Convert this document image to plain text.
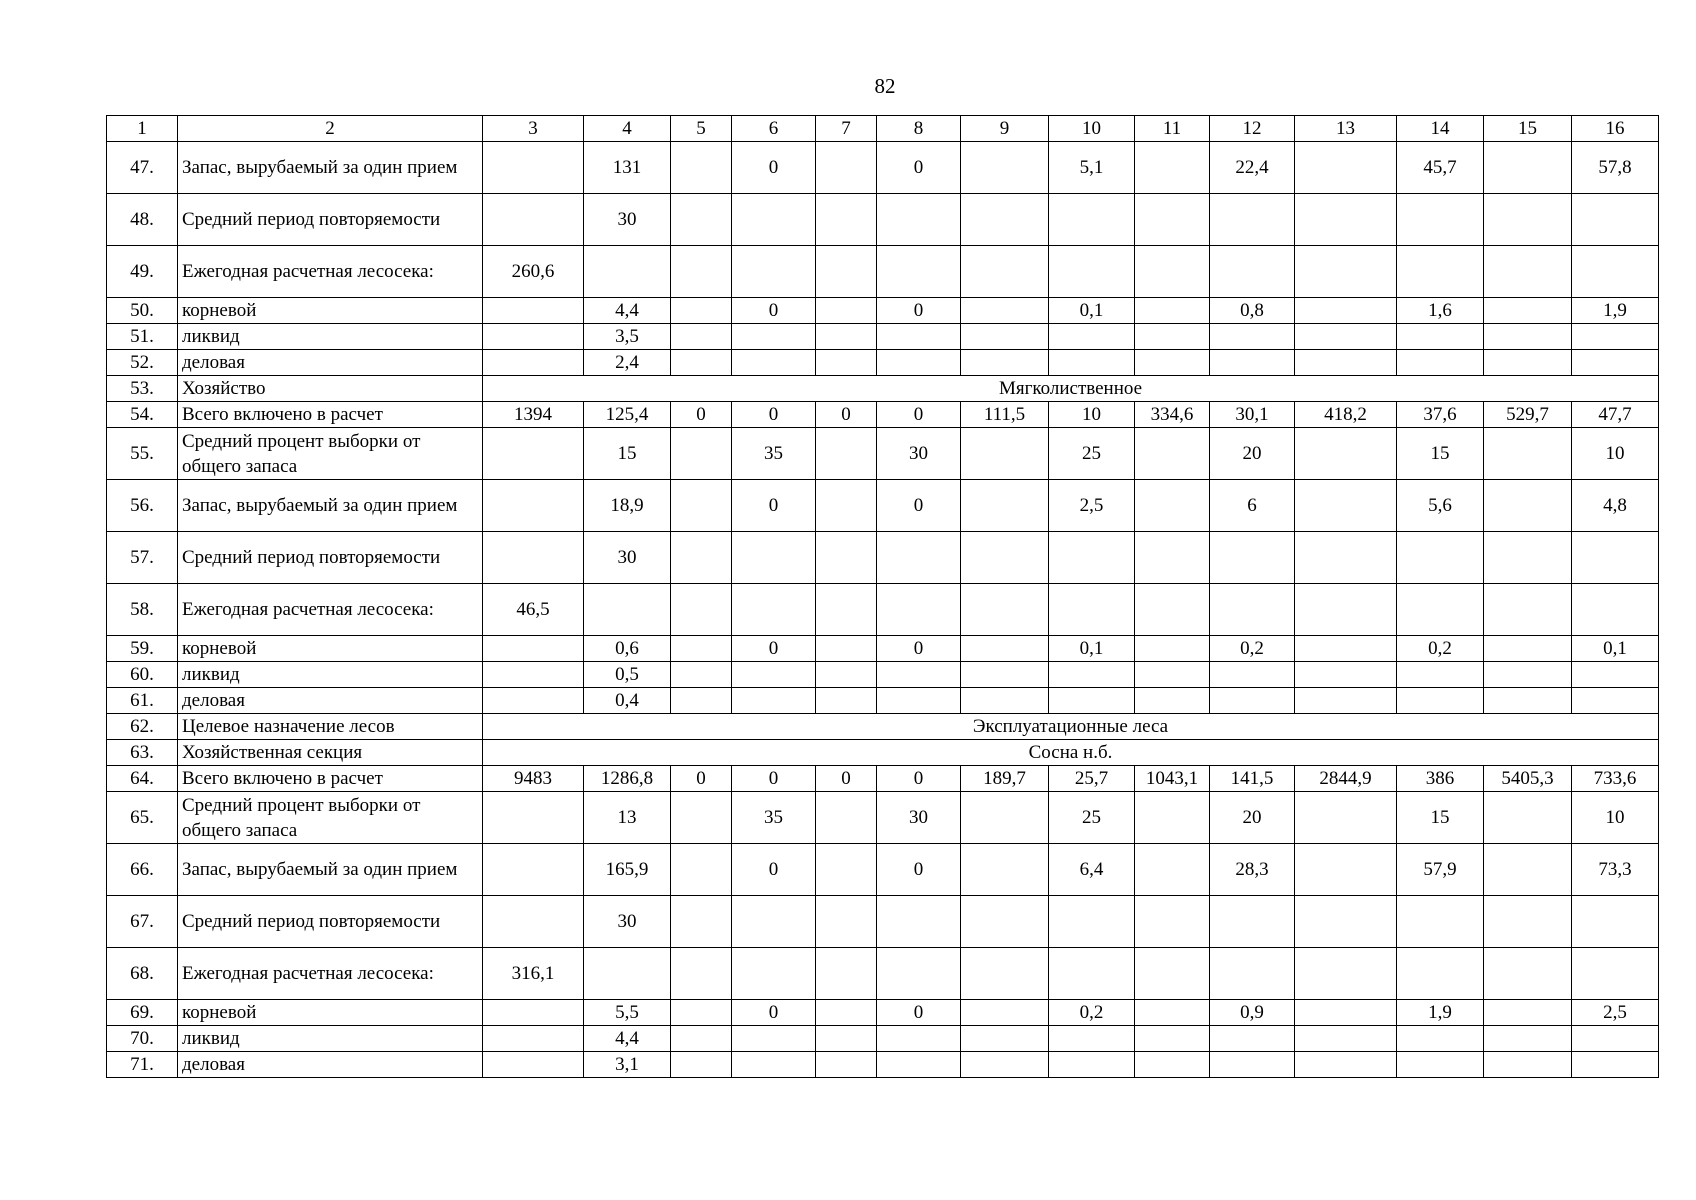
82
1	2	3	4	5	6	7	8	9	10	11	12	13	14	15	16
47.	Запас, вырубаемый за один прием		131		0		0		5,1		22,4		45,7		57,8
48.	Средний период повторяемости		30												
49.	Ежегодная расчетная лесосека:	260,6													
50.	корневой		4,4		0		0		0,1		0,8		1,6		1,9
51.	ликвид		3,5												
52.	деловая		2,4												
53.	Хозяйство	Мягколиственное													
54.	Всего включено в расчет	1394	125,4	0	0	0	0	111,5	10	334,6	30,1	418,2	37,6	529,7	47,7
55.	Средний процент выборки от общего запаса		15		35		30		25		20		15		10
56.	Запас, вырубаемый за один прием		18,9		0		0		2,5		6		5,6		4,8
57.	Средний период повторяемости		30												
58.	Ежегодная расчетная лесосека:	46,5													
59.	корневой		0,6		0		0		0,1		0,2		0,2		0,1
60.	ликвид		0,5												
61.	деловая		0,4												
62.	Целевое назначение лесов	Эксплуатационные леса													
63.	Хозяйственная секция	Сосна н.б.													
64.	Всего включено в расчет	9483	1286,8	0	0	0	0	189,7	25,7	1043,1	141,5	2844,9	386	5405,3	733,6
65.	Средний процент выборки от общего запаса		13		35		30		25		20		15		10
66.	Запас, вырубаемый за один прием		165,9		0		0		6,4		28,3		57,9		73,3
67.	Средний период повторяемости		30												
68.	Ежегодная расчетная лесосека:	316,1													
69.	корневой		5,5		0		0		0,2		0,9		1,9		2,5
70.	ликвид		4,4												
71.	деловая		3,1												
